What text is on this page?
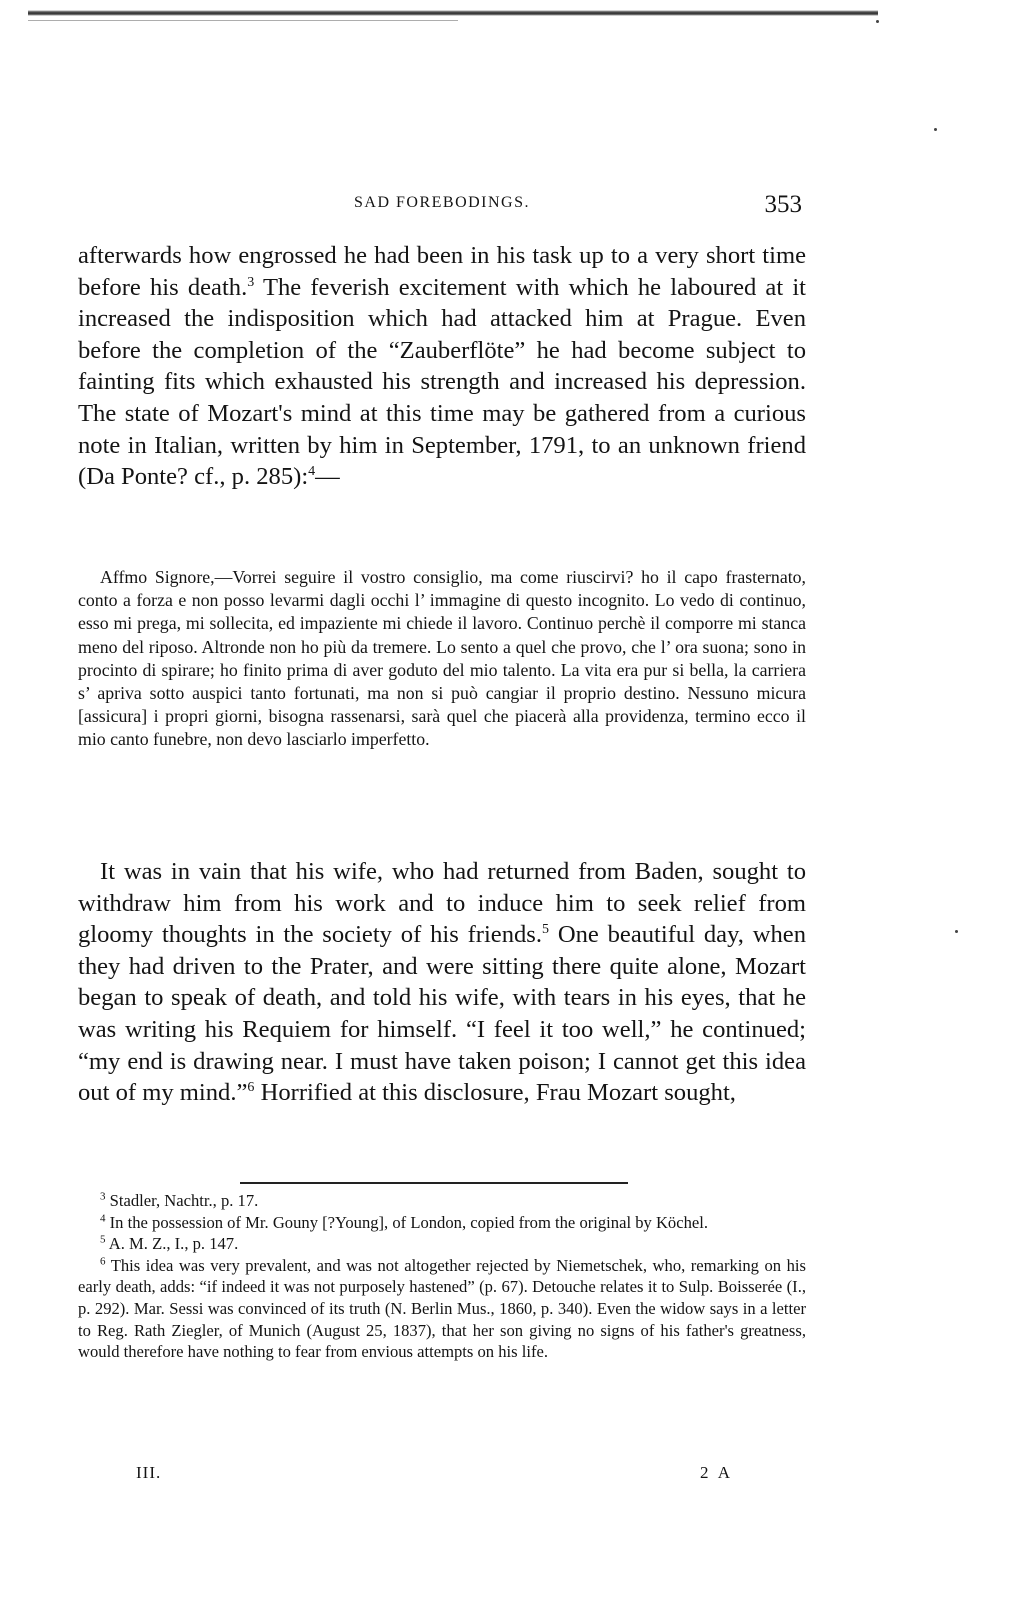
SAD FOREBODINGS.	353

afterwards how engrossed he had been in his task up to a very short time before his death.$^3$ The feverish excitement with which he laboured at it increased the indisposition which had attacked him at Prague. Even before the completion of the “Zauberflöte” he had become subject to fainting fits which exhausted his strength and increased his depression. The state of Mozart's mind at this time may be gathered from a curious note in Italian, written by him in September, 1791, to an unknown friend (Da Ponte? cf., p. 285):$^4$—

Affmo Signore,—Vorrei seguire il vostro consiglio, ma come riuscirvi? ho il capo frasternato, conto a forza e non posso levarmi dagli occhi l’ immagine di questo incognito. Lo vedo di continuo, esso mi prega, mi sollecita, ed impaziente mi chiede il lavoro. Continuo perchè il comporre mi stanca meno del riposo. Altronde non ho più da tremere. Lo sento a quel che provo, che l’ ora suona; sono in procinto di spirare; ho finito prima di aver goduto del mio talento. La vita era pur si bella, la carriera s’ apriva sotto auspici tanto fortunati, ma non si può cangiar il proprio destino. Nessuno micura [assicura] i propri giorni, bisogna rassenarsi, sarà quel che piacerà alla providenza, termino ecco il mio canto funebre, non devo lasciarlo imperfetto.

It was in vain that his wife, who had returned from Baden, sought to withdraw him from his work and to induce him to seek relief from gloomy thoughts in the society of his friends.$^5$ One beautiful day, when they had driven to the Prater, and were sitting there quite alone, Mozart began to speak of death, and told his wife, with tears in his eyes, that he was writing his Requiem for himself. “I feel it too well,” he continued; “my end is drawing near. I must have taken poison; I cannot get this idea out of my mind.”$^6$ Horrified at this disclosure, Frau Mozart sought,

$^3$ Stadler, Nachtr., p. 17.

$^4$ In the possession of Mr. Gouny [?Young], of London, copied from the original by Köchel.

$^5$ A. M. Z., I., p. 147.

$^6$ This idea was very prevalent, and was not altogether rejected by Niemetschek, who, remarking on his early death, adds: “if indeed it was not purposely hastened” (p. 67). Detouche relates it to Sulp. Boisserée (I., p. 292). Mar. Sessi was convinced of its truth (N. Berlin Mus., 1860, p. 340). Even the widow says in a letter to Reg. Rath Ziegler, of Munich (August 25, 1837), that her son giving no signs of his father's greatness, would therefore have nothing to fear from envious attempts on his life.

III.	2 A
